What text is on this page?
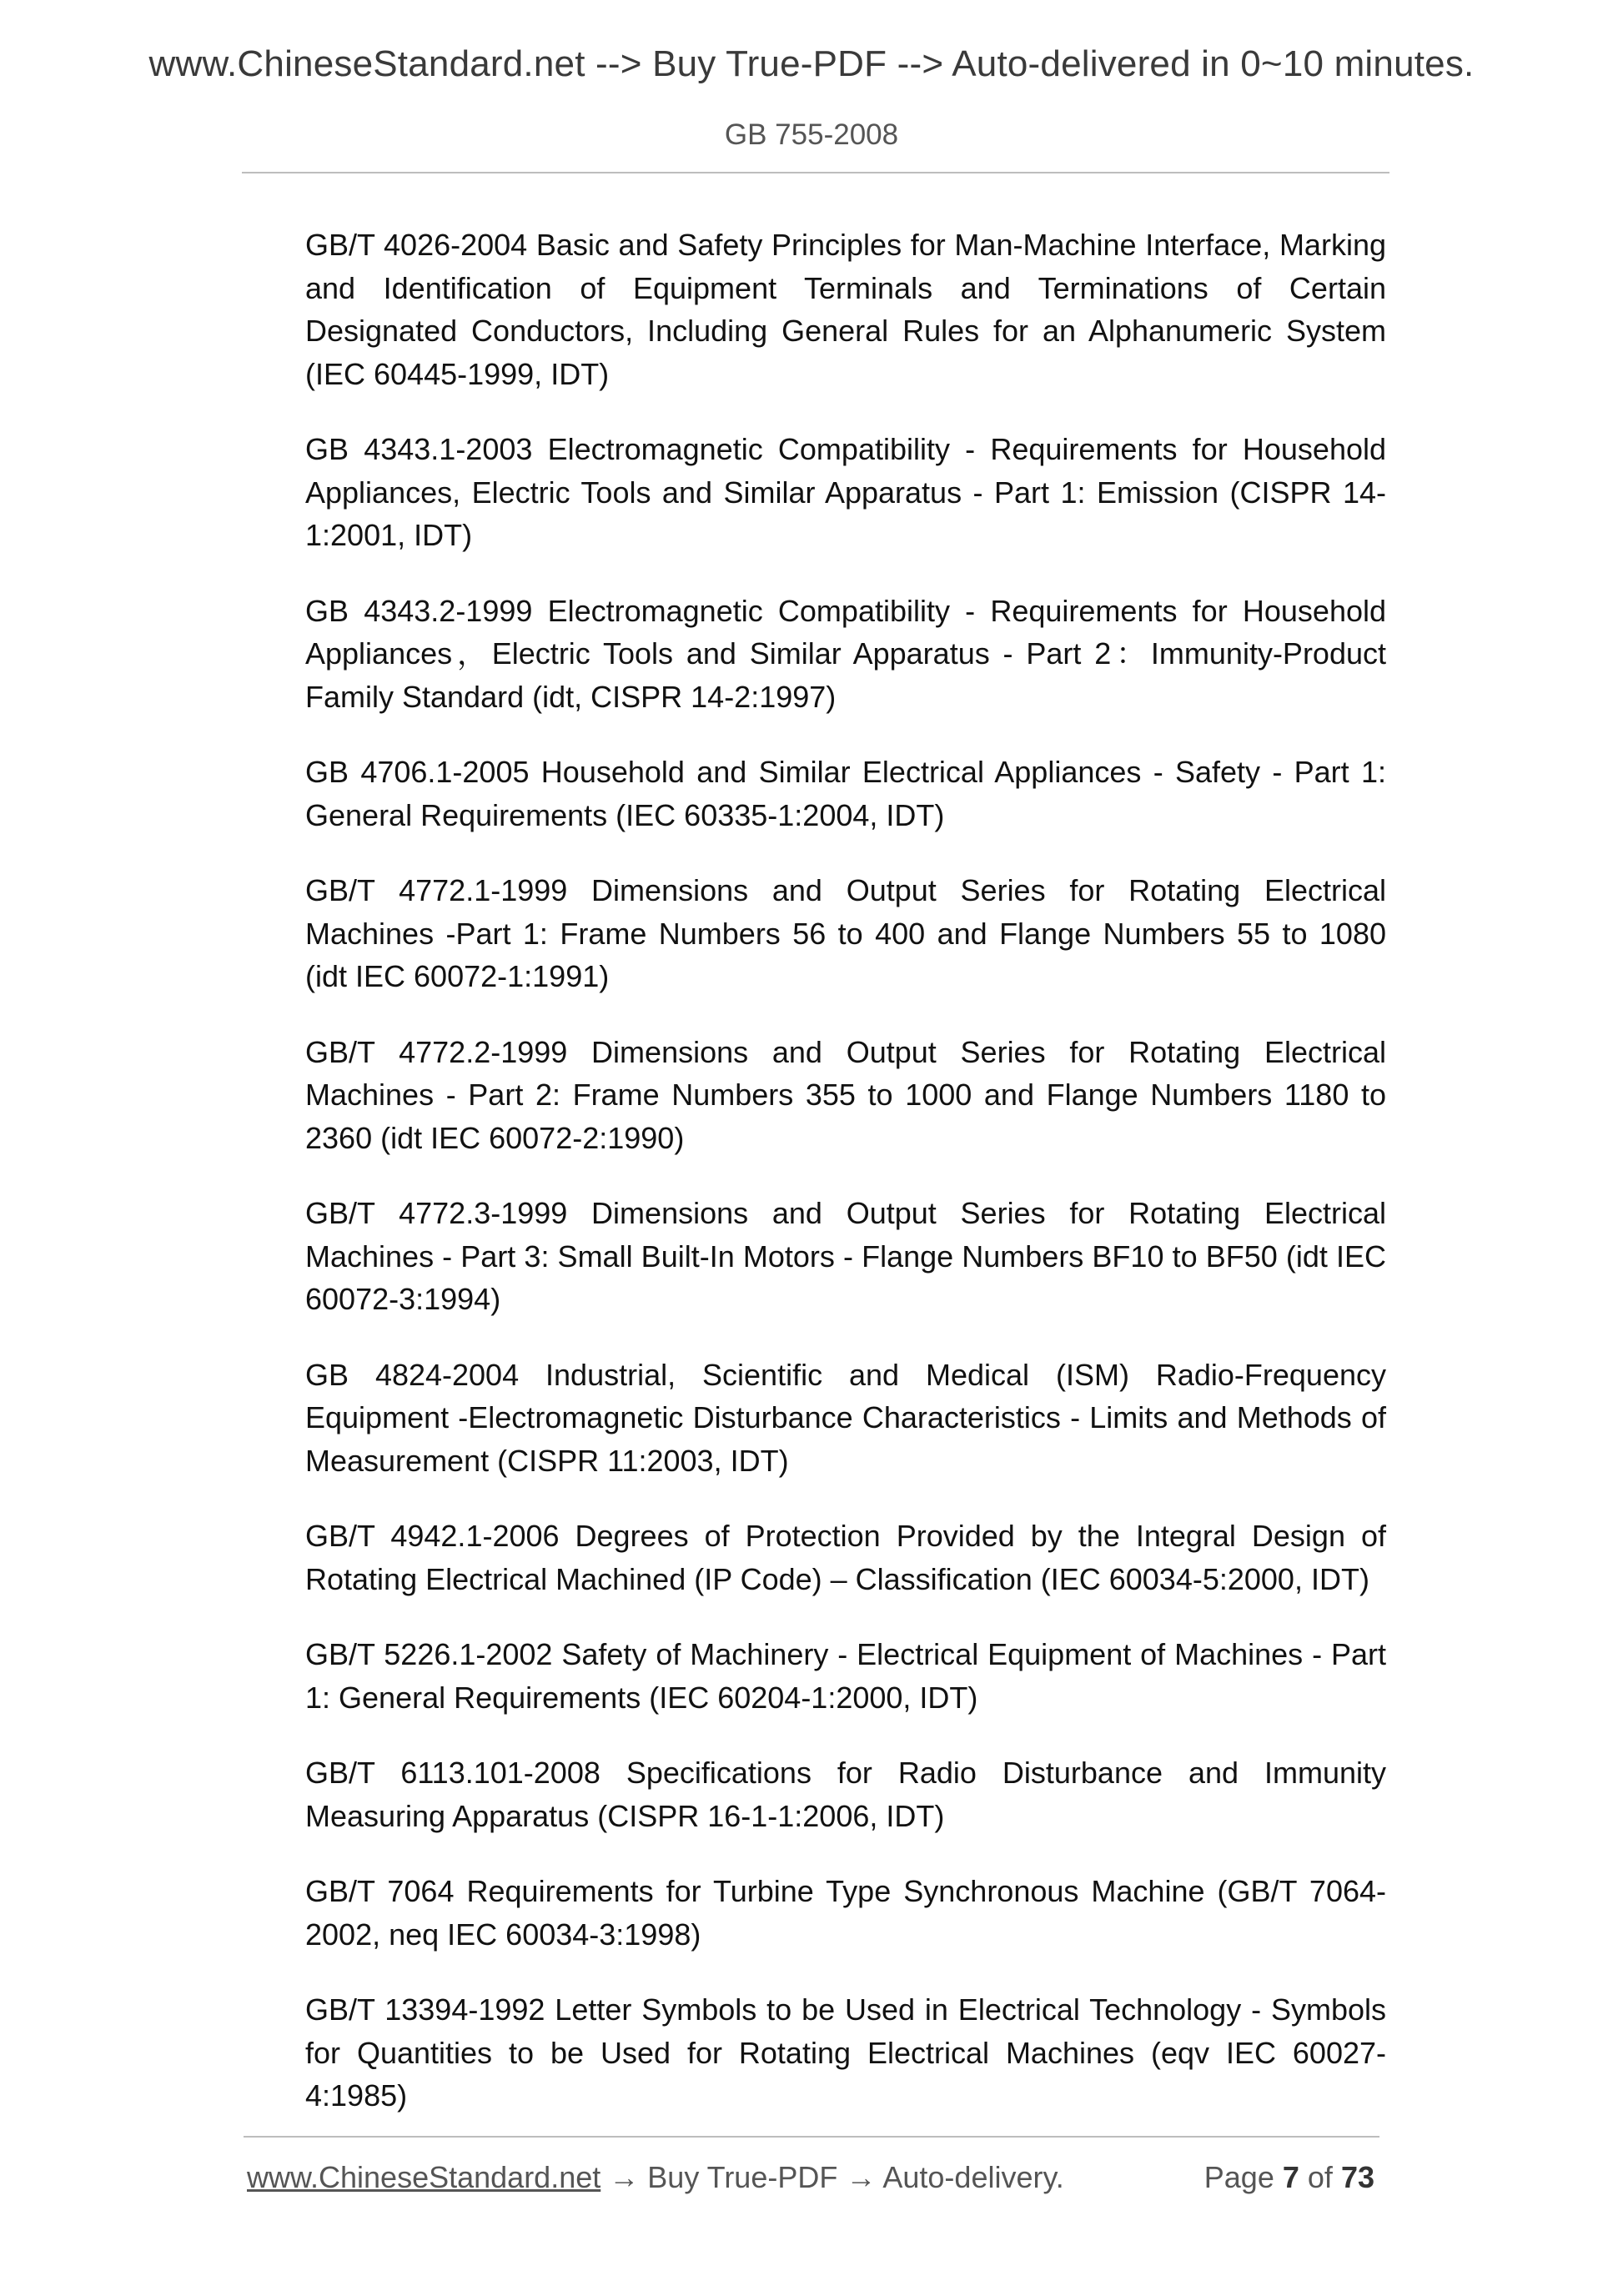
www.ChineseStandard.net --> Buy True-PDF --> Auto-delivered in 0~10 minutes.
GB 755-2008

GB/T 4026-2004 Basic and Safety Principles for Man-Machine Interface, Marking and Identification of Equipment Terminals and Terminations of Certain Designated Conductors, Including General Rules for an Alphanumeric System (IEC 60445-1999, IDT)

GB 4343.1-2003 Electromagnetic Compatibility - Requirements for Household Appliances, Electric Tools and Similar Apparatus - Part 1: Emission (CISPR 14-1:2001, IDT)

GB 4343.2-1999 Electromagnetic Compatibility - Requirements for Household Appliances，Electric Tools and Similar Apparatus - Part 2：Immunity-Product Family Standard (idt, CISPR 14-2:1997)

GB 4706.1-2005 Household and Similar Electrical Appliances - Safety - Part 1: General Requirements (IEC 60335-1:2004, IDT)

GB/T 4772.1-1999 Dimensions and Output Series for Rotating Electrical Machines -Part 1: Frame Numbers 56 to 400 and Flange Numbers 55 to 1080 (idt IEC 60072-1:1991)

GB/T 4772.2-1999 Dimensions and Output Series for Rotating Electrical Machines - Part 2: Frame Numbers 355 to 1000 and Flange Numbers 1180 to 2360 (idt IEC 60072-2:1990)

GB/T 4772.3-1999 Dimensions and Output Series for Rotating Electrical Machines - Part 3: Small Built-In Motors - Flange Numbers BF10 to BF50 (idt IEC 60072-3:1994)

GB 4824-2004 Industrial, Scientific and Medical (ISM) Radio-Frequency Equipment -Electromagnetic Disturbance Characteristics - Limits and Methods of Measurement (CISPR 11:2003, IDT)

GB/T 4942.1-2006 Degrees of Protection Provided by the Integral Design of Rotating Electrical Machined (IP Code) – Classification (IEC 60034-5:2000, IDT)

GB/T 5226.1-2002 Safety of Machinery - Electrical Equipment of Machines - Part 1: General Requirements (IEC 60204-1:2000, IDT)

GB/T 6113.101-2008 Specifications for Radio Disturbance and Immunity Measuring Apparatus (CISPR 16-1-1:2006, IDT)

GB/T 7064 Requirements for Turbine Type Synchronous Machine (GB/T 7064-2002, neq IEC 60034-3:1998)

GB/T 13394-1992 Letter Symbols to be Used in Electrical Technology - Symbols for Quantities to be Used for Rotating Electrical Machines (eqv IEC 60027-4:1985)

www.ChineseStandard.net → Buy True-PDF → Auto-delivery.	Page 7 of 73
